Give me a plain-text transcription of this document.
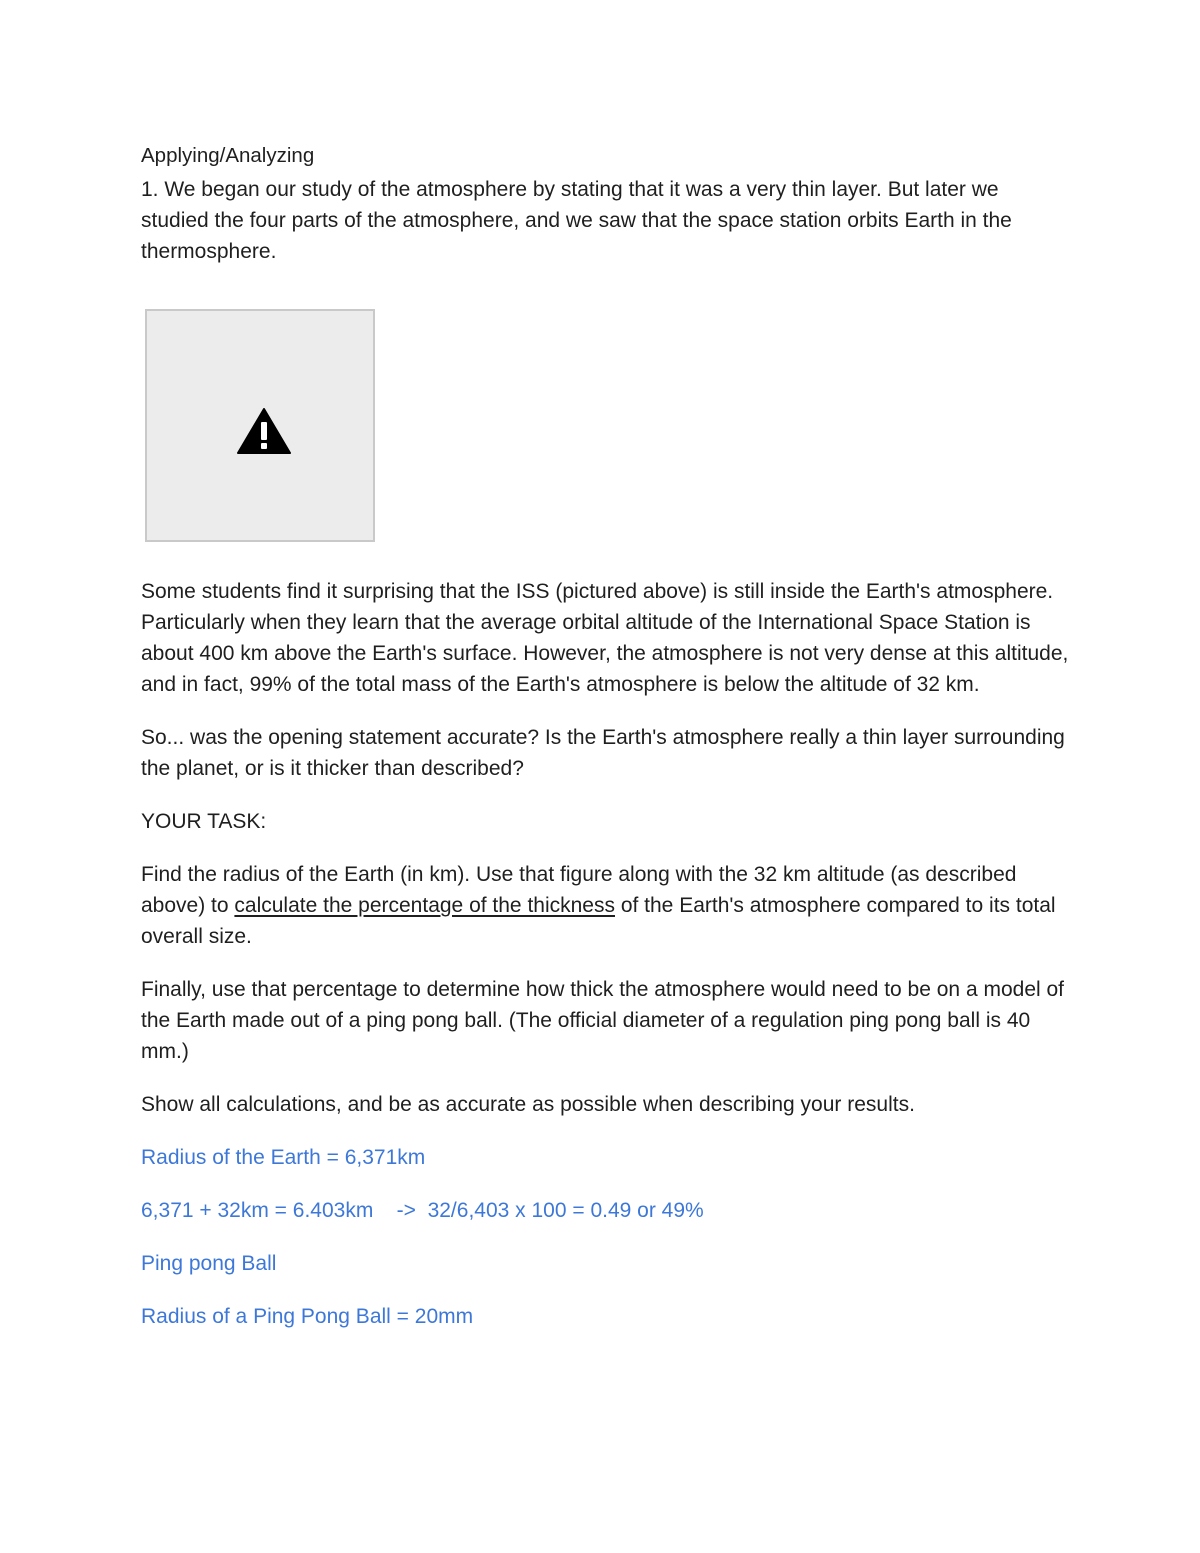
Applying/Analyzing

1. We began our study of the atmosphere by stating that it was a very thin layer. But later we studied the four parts of the atmosphere, and we saw that the space station orbits Earth in the thermosphere.

Some students find it surprising that the ISS (pictured above) is still inside the Earth's atmosphere. Particularly when they learn that the average orbital altitude of the International Space Station is about 400 km above the Earth's surface. However, the atmosphere is not very dense at this altitude, and in fact, 99% of the total mass of the Earth's atmosphere is below the altitude of 32 km.

So... was the opening statement accurate? Is the Earth's atmosphere really a thin layer surrounding the planet, or is it thicker than described?

YOUR TASK:

Find the radius of the Earth (in km). Use that figure along with the 32 km altitude (as described above) to calculate the percentage of the thickness of the Earth's atmosphere compared to its total overall size.

Finally, use that percentage to determine how thick the atmosphere would need to be on a model of the Earth made out of a ping pong ball. (The official diameter of a regulation ping pong ball is 40 mm.)

Show all calculations, and be as accurate as possible when describing your results.

Radius of the Earth = 6,371km

6,371 + 32km = 6.403km    ->  32/6,403 x 100 = 0.49 or 49%

Ping pong Ball

Radius of a Ping Pong Ball = 20mm
